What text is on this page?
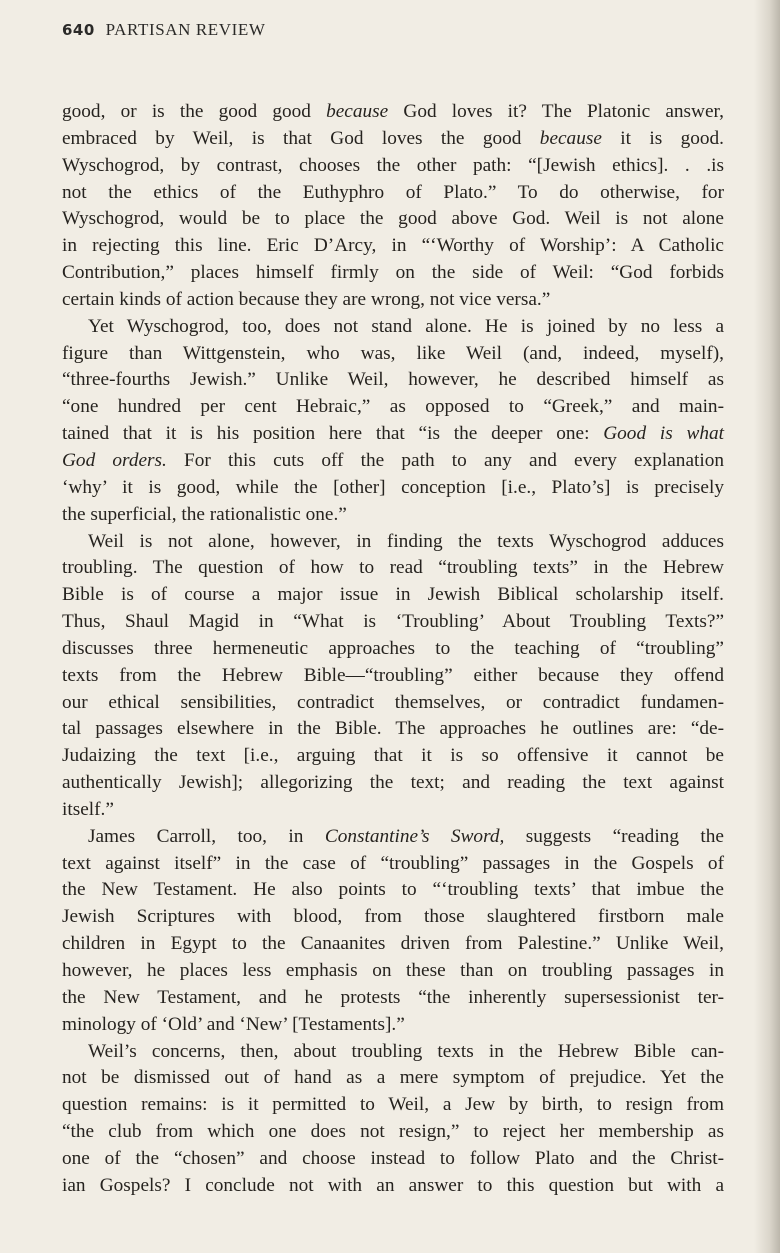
640 PARTISAN REVIEW
good, or is the good good because God loves it? The Platonic answer,
embraced by Weil, is that God loves the good because it is good.
Wyschogrod, by contrast, chooses the other path: “[Jewish ethics]. . .is
not the ethics of the Euthyphro of Plato.” To do otherwise, for
Wyschogrod, would be to place the good above God. Weil is not alone
in rejecting this line. Eric D’Arcy, in “‘Worthy of Worship’: A Catholic
Contribution,” places himself firmly on the side of Weil: “God forbids
certain kinds of action because they are wrong, not vice versa.”
Yet Wyschogrod, too, does not stand alone. He is joined by no less a
figure than Wittgenstein, who was, like Weil (and, indeed, myself),
“three-fourths Jewish.” Unlike Weil, however, he described himself as
“one hundred per cent Hebraic,” as opposed to “Greek,” and main-
tained that it is his position here that “is the deeper one: Good is what
God orders. For this cuts off the path to any and every explanation
‘why’ it is good, while the [other] conception [i.e., Plato’s] is precisely
the superficial, the rationalistic one.”
Weil is not alone, however, in finding the texts Wyschogrod adduces
troubling. The question of how to read “troubling texts” in the Hebrew
Bible is of course a major issue in Jewish Biblical scholarship itself.
Thus, Shaul Magid in “What is ‘Troubling’ About Troubling Texts?”
discusses three hermeneutic approaches to the teaching of “troubling”
texts from the Hebrew Bible—“troubling” either because they offend
our ethical sensibilities, contradict themselves, or contradict fundamen-
tal passages elsewhere in the Bible. The approaches he outlines are: “de-
Judaizing the text [i.e., arguing that it is so offensive it cannot be
authentically Jewish]; allegorizing the text; and reading the text against
itself.”
James Carroll, too, in Constantine’s Sword, suggests “reading the
text against itself” in the case of “troubling” passages in the Gospels of
the New Testament. He also points to “‘troubling texts’ that imbue the
Jewish Scriptures with blood, from those slaughtered firstborn male
children in Egypt to the Canaanites driven from Palestine.” Unlike Weil,
however, he places less emphasis on these than on troubling passages in
the New Testament, and he protests “the inherently supersessionist ter-
minology of ‘Old’ and ‘New’ [Testaments].”
Weil’s concerns, then, about troubling texts in the Hebrew Bible can-
not be dismissed out of hand as a mere symptom of prejudice. Yet the
question remains: is it permitted to Weil, a Jew by birth, to resign from
“the club from which one does not resign,” to reject her membership as
one of the “chosen” and choose instead to follow Plato and the Christ-
ian Gospels? I conclude not with an answer to this question but with a
